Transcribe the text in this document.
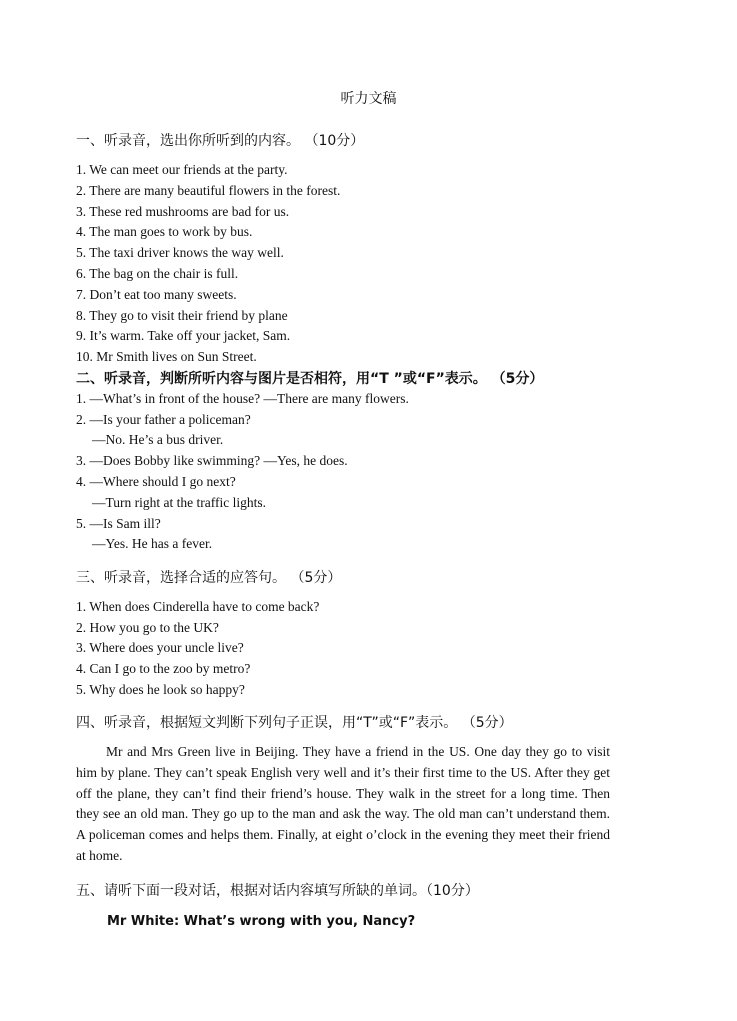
听力文稿
一、听录音，选出你所听到的内容。 （10分）
1. We can meet our friends at the party.
2. There are many beautiful flowers in the forest.
3. These red mushrooms are bad for us.
4. The man goes to work by bus.
5. The taxi driver knows the way well.
6. The bag on the chair is full.
7. Don’t eat too many sweets.
8. They go to visit their friend by plane
9. It’s warm. Take off your jacket, Sam.
10. Mr Smith lives on Sun Street.
二、听录音，判断所听内容与图片是否相符，用“T ”或“F”表示。 （5分）
1. —What’s in front of the house? —There are many flowers.
2. —Is your father a policeman?
—No. He’s a bus driver.
3. —Does Bobby like swimming? —Yes, he does.
4. —Where should I go next?
—Turn right at the traffic lights.
5. —Is Sam ill?
—Yes. He has a fever.
三、听录音，选择合适的应答句。 （5分）
1. When does Cinderella have to come back?
2. How you go to the UK?
3. Where does your uncle live?
4. Can I go to the zoo by metro?
5. Why does he look so happy?
四、听录音，根据短文判断下列句子正误，用“T”或“F”表示。 （5分）
Mr and Mrs Green live in Beijing. They have a friend in the US. One day they go to visit him by plane. They can’t speak English very well and it’s their first time to the US. After they get off the plane, they can’t find their friend’s house. They walk in the street for a long time. Then they see an old man. They go up to the man and ask the way. The old man can’t understand them. A policeman comes and helps them. Finally, at eight o’clock in the evening they meet their friend at home.
五、请听下面一段对话，根据对话内容填写所缺的单词。（10分）
Mr White: What’s wrong with you, Nancy?
